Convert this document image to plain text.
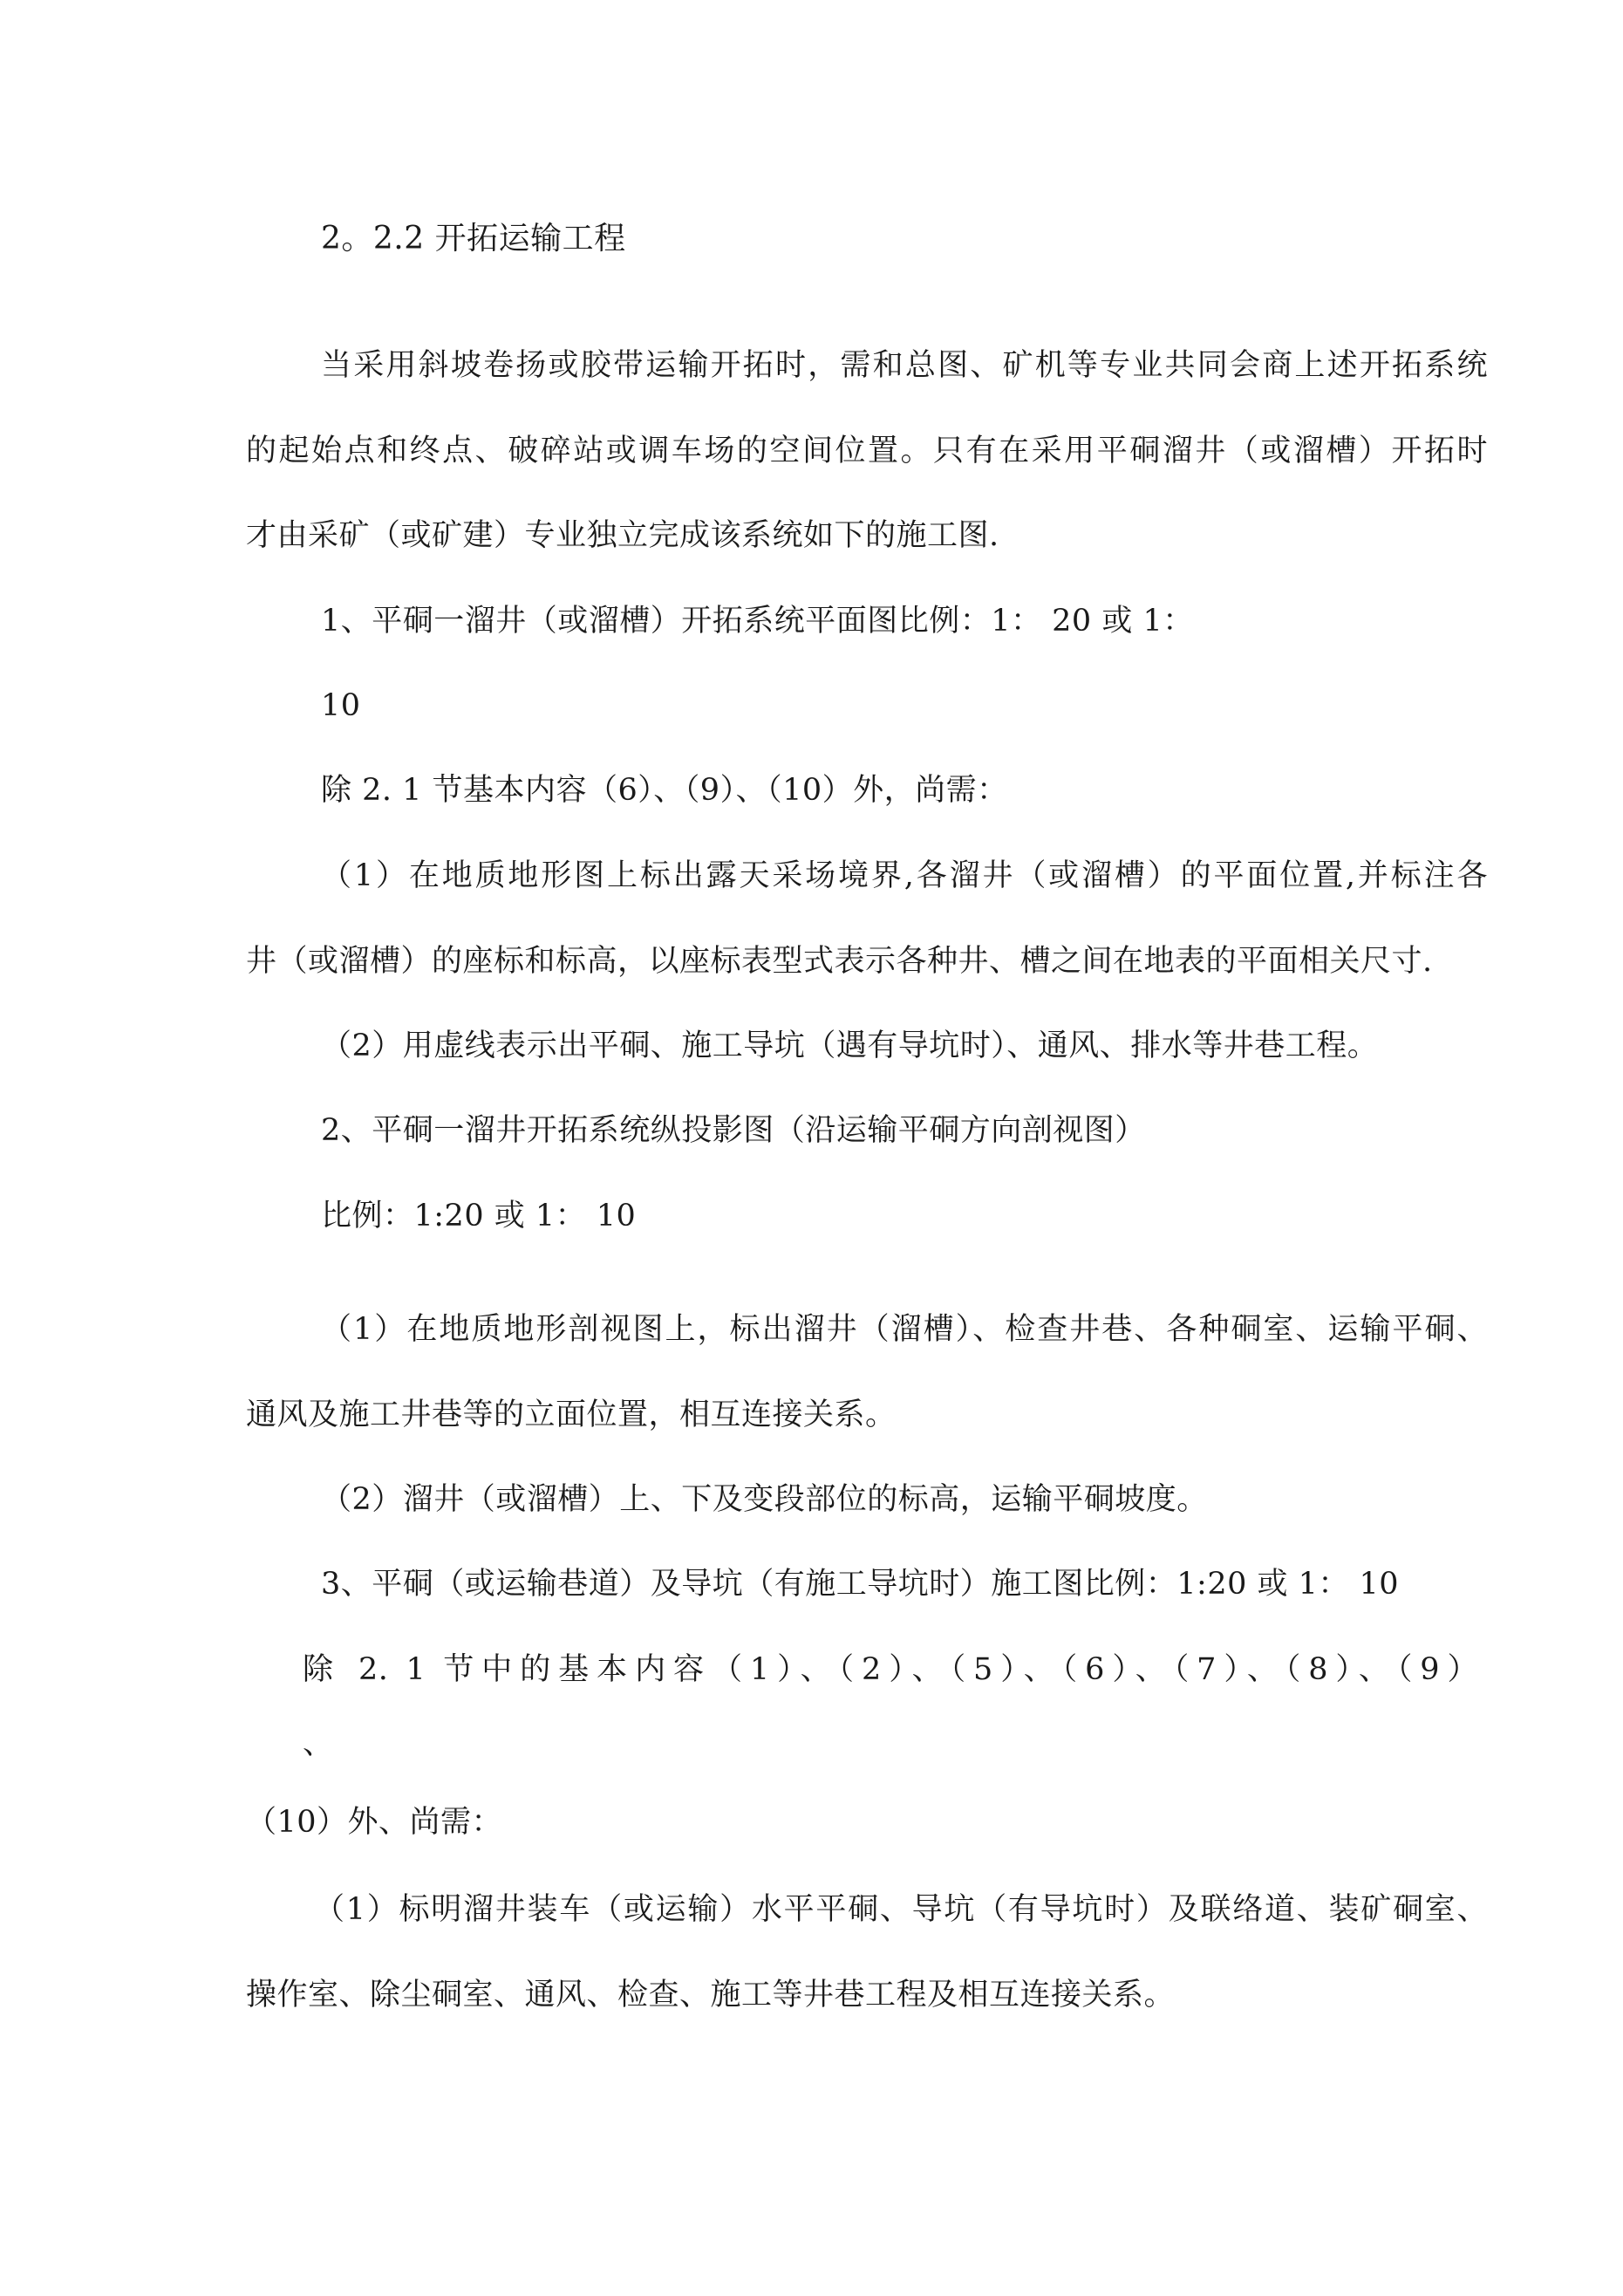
2。2.2 开拓运输工程

当采用斜坡卷扬或胶带运输开拓时，需和总图、矿机等专业共同会商上述开拓系统

的起始点和终点、破碎站或调车场的空间位置。只有在采用平硐溜井（或溜槽）开拓时

才由采矿（或矿建）专业独立完成该系统如下的施工图.

1、平硐一溜井（或溜槽）开拓系统平面图比例：1： 20 或 1：

10

除 2. 1 节基本内容（6）、（9）、（10）外，尚需：

（1）在地质地形图上标出露天采场境界,各溜井（或溜槽）的平面位置,并标注各

井（或溜槽）的座标和标高，以座标表型式表示各种井、槽之间在地表的平面相关尺寸.

（2）用虚线表示出平硐、施工导坑（遇有导坑时）、通风、排水等井巷工程。

2、平硐一溜井开拓系统纵投影图（沿运输平硐方向剖视图）

比例：1:20 或 1： 10

（1）在地质地形剖视图上，标出溜井（溜槽）、检查井巷、各种硐室、运输平硐、

通风及施工井巷等的立面位置，相互连接关系。

（2）溜井（或溜槽）上、下及变段部位的标高，运输平硐坡度。

3、平硐（或运输巷道）及导坑（有施工导坑时）施工图比例：1:20 或 1： 10

除 2. 1 节中的基本内容（1）、（2）、（5）、（6）、（7）、（8）、（9）

、

（10）外、尚需：

（1）标明溜井装车（或运输）水平平硐、导坑（有导坑时）及联络道、装矿硐室、

操作室、除尘硐室、通风、检查、施工等井巷工程及相互连接关系。
